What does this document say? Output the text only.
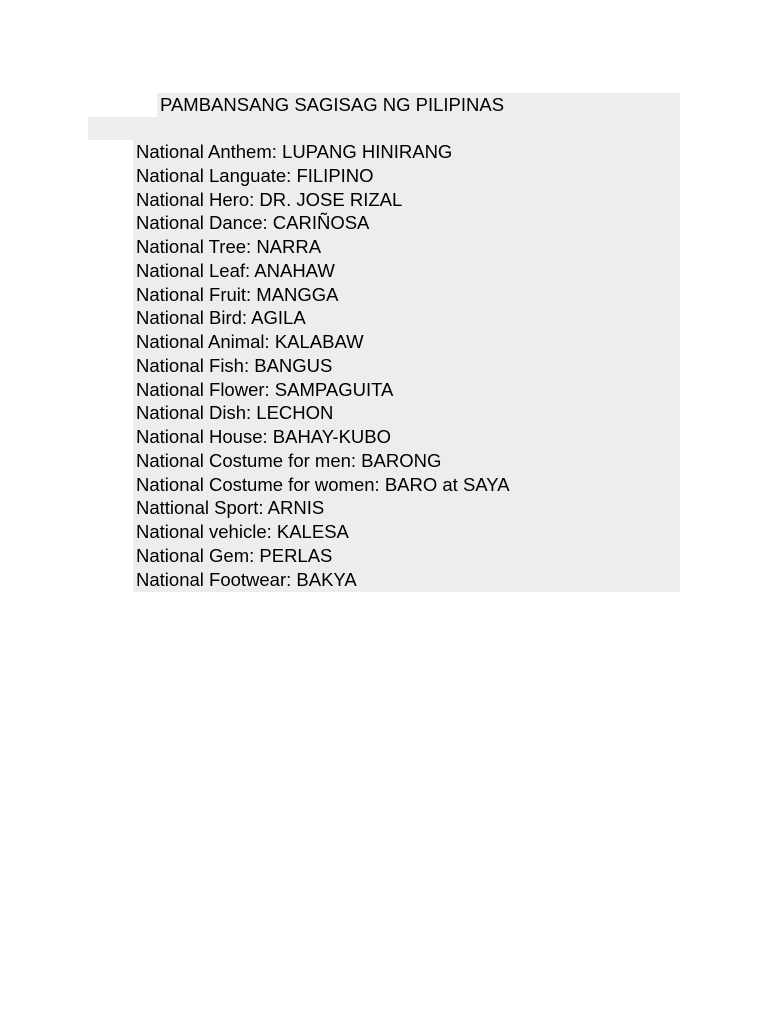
PAMBANSANG SAGISAG NG PILIPINAS
National Anthem: LUPANG HINIRANG
National Languate: FILIPINO
National Hero: DR. JOSE RIZAL
National Dance: CARIÑOSA
National Tree: NARRA
National Leaf: ANAHAW
National Fruit: MANGGA
National Bird: AGILA
National Animal: KALABAW
National Fish: BANGUS
National Flower: SAMPAGUITA
National Dish: LECHON
National House: BAHAY-KUBO
National Costume for men: BARONG
National Costume for women: BARO at SAYA
Nattional Sport: ARNIS
National vehicle: KALESA
National Gem: PERLAS
National Footwear: BAKYA
